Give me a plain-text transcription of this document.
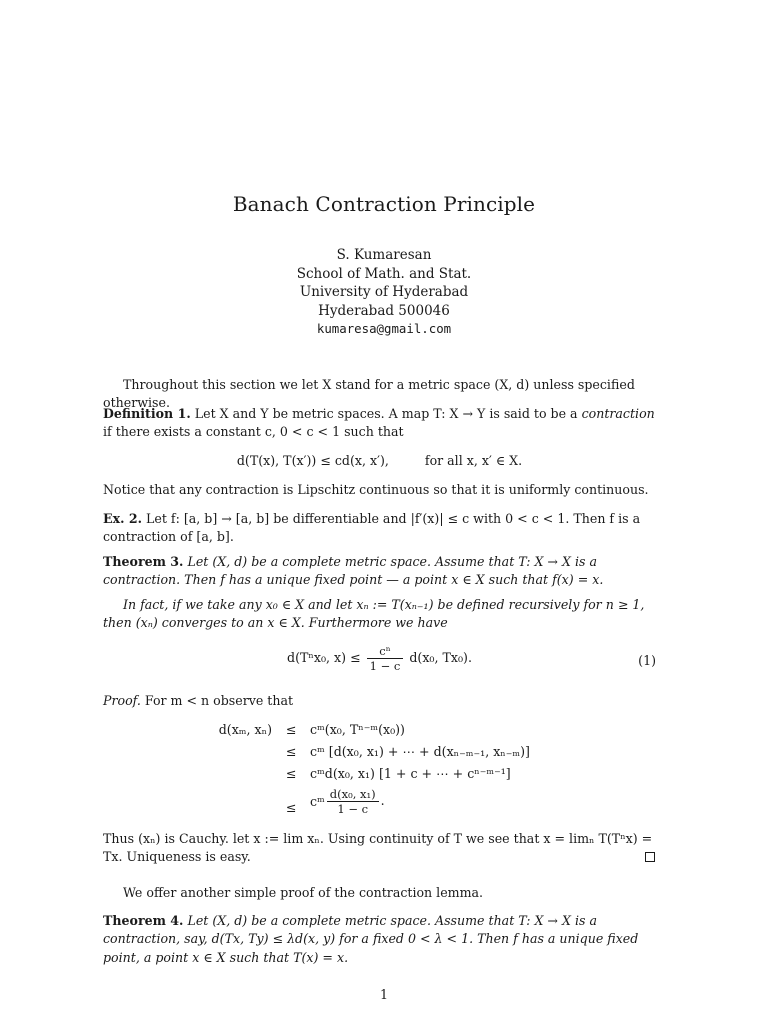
Banach Contraction Principle
S. Kumaresan
School of Math. and Stat.
University of Hyderabad
Hyderabad 500046
kumaresa@gmail.com
Throughout this section we let X stand for a metric space (X, d) unless specified otherwise.
Definition 1. Let X and Y be metric spaces. A map T: X → Y is said to be a contraction if there exists a constant c, 0 < c < 1 such that
d(T(x), T(x′)) ≤ cd(x, x′),	for all x, x′ ∈ X.
Notice that any contraction is Lipschitz continuous so that it is uniformly continuous.
Ex. 2. Let f: [a, b] → [a, b] be differentiable and |f′(x)| ≤ c with 0 < c < 1. Then f is a contraction of [a, b].
Theorem 3. Let (X, d) be a complete metric space. Assume that T: X → X is a contraction. Then f has a unique fixed point — a point x ∈ X such that f(x) = x.
In fact, if we take any x₀ ∈ X and let xₙ := T(xₙ₋₁) be defined recursively for n ≥ 1, then (xₙ) converges to an x ∈ X. Furthermore we have
d(Tⁿx₀, $x) \le \frac{\text{cⁿ}}{1 - c} d(x_0$, Tx₀).	(1)
Proof. For m < n observe that
d(xₘ, xₙ) ≤ cᵐ(x₀, Tⁿ⁻ᵐ(x₀))
≤ cᵐ [d(x₀, x₁) + ⋯ + d(xₙ₋ₘ₋₁, xₙ₋ₘ)]
≤ cᵐd(x₀, x₁) [1 + c + ⋯ + cⁿ⁻ᵐ⁻¹]
≤ cᵐ $\frac{\text{d(x₀, x₁)}}{1 - c}$ .
Thus (xₙ) is Cauchy. let x := lim xₙ. Using continuity of T we see that x = limₙ T(Tⁿx) = Tx. Uniqueness is easy.
We offer another simple proof of the contraction lemma.
Theorem 4. Let (X, d) be a complete metric space. Assume that T: X → X is a contraction, say, d(Tx, Ty) ≤ λd(x, y) for a fixed 0 < λ < 1. Then f has a unique fixed point, a point x ∈ X such that T(x) = x.
1
